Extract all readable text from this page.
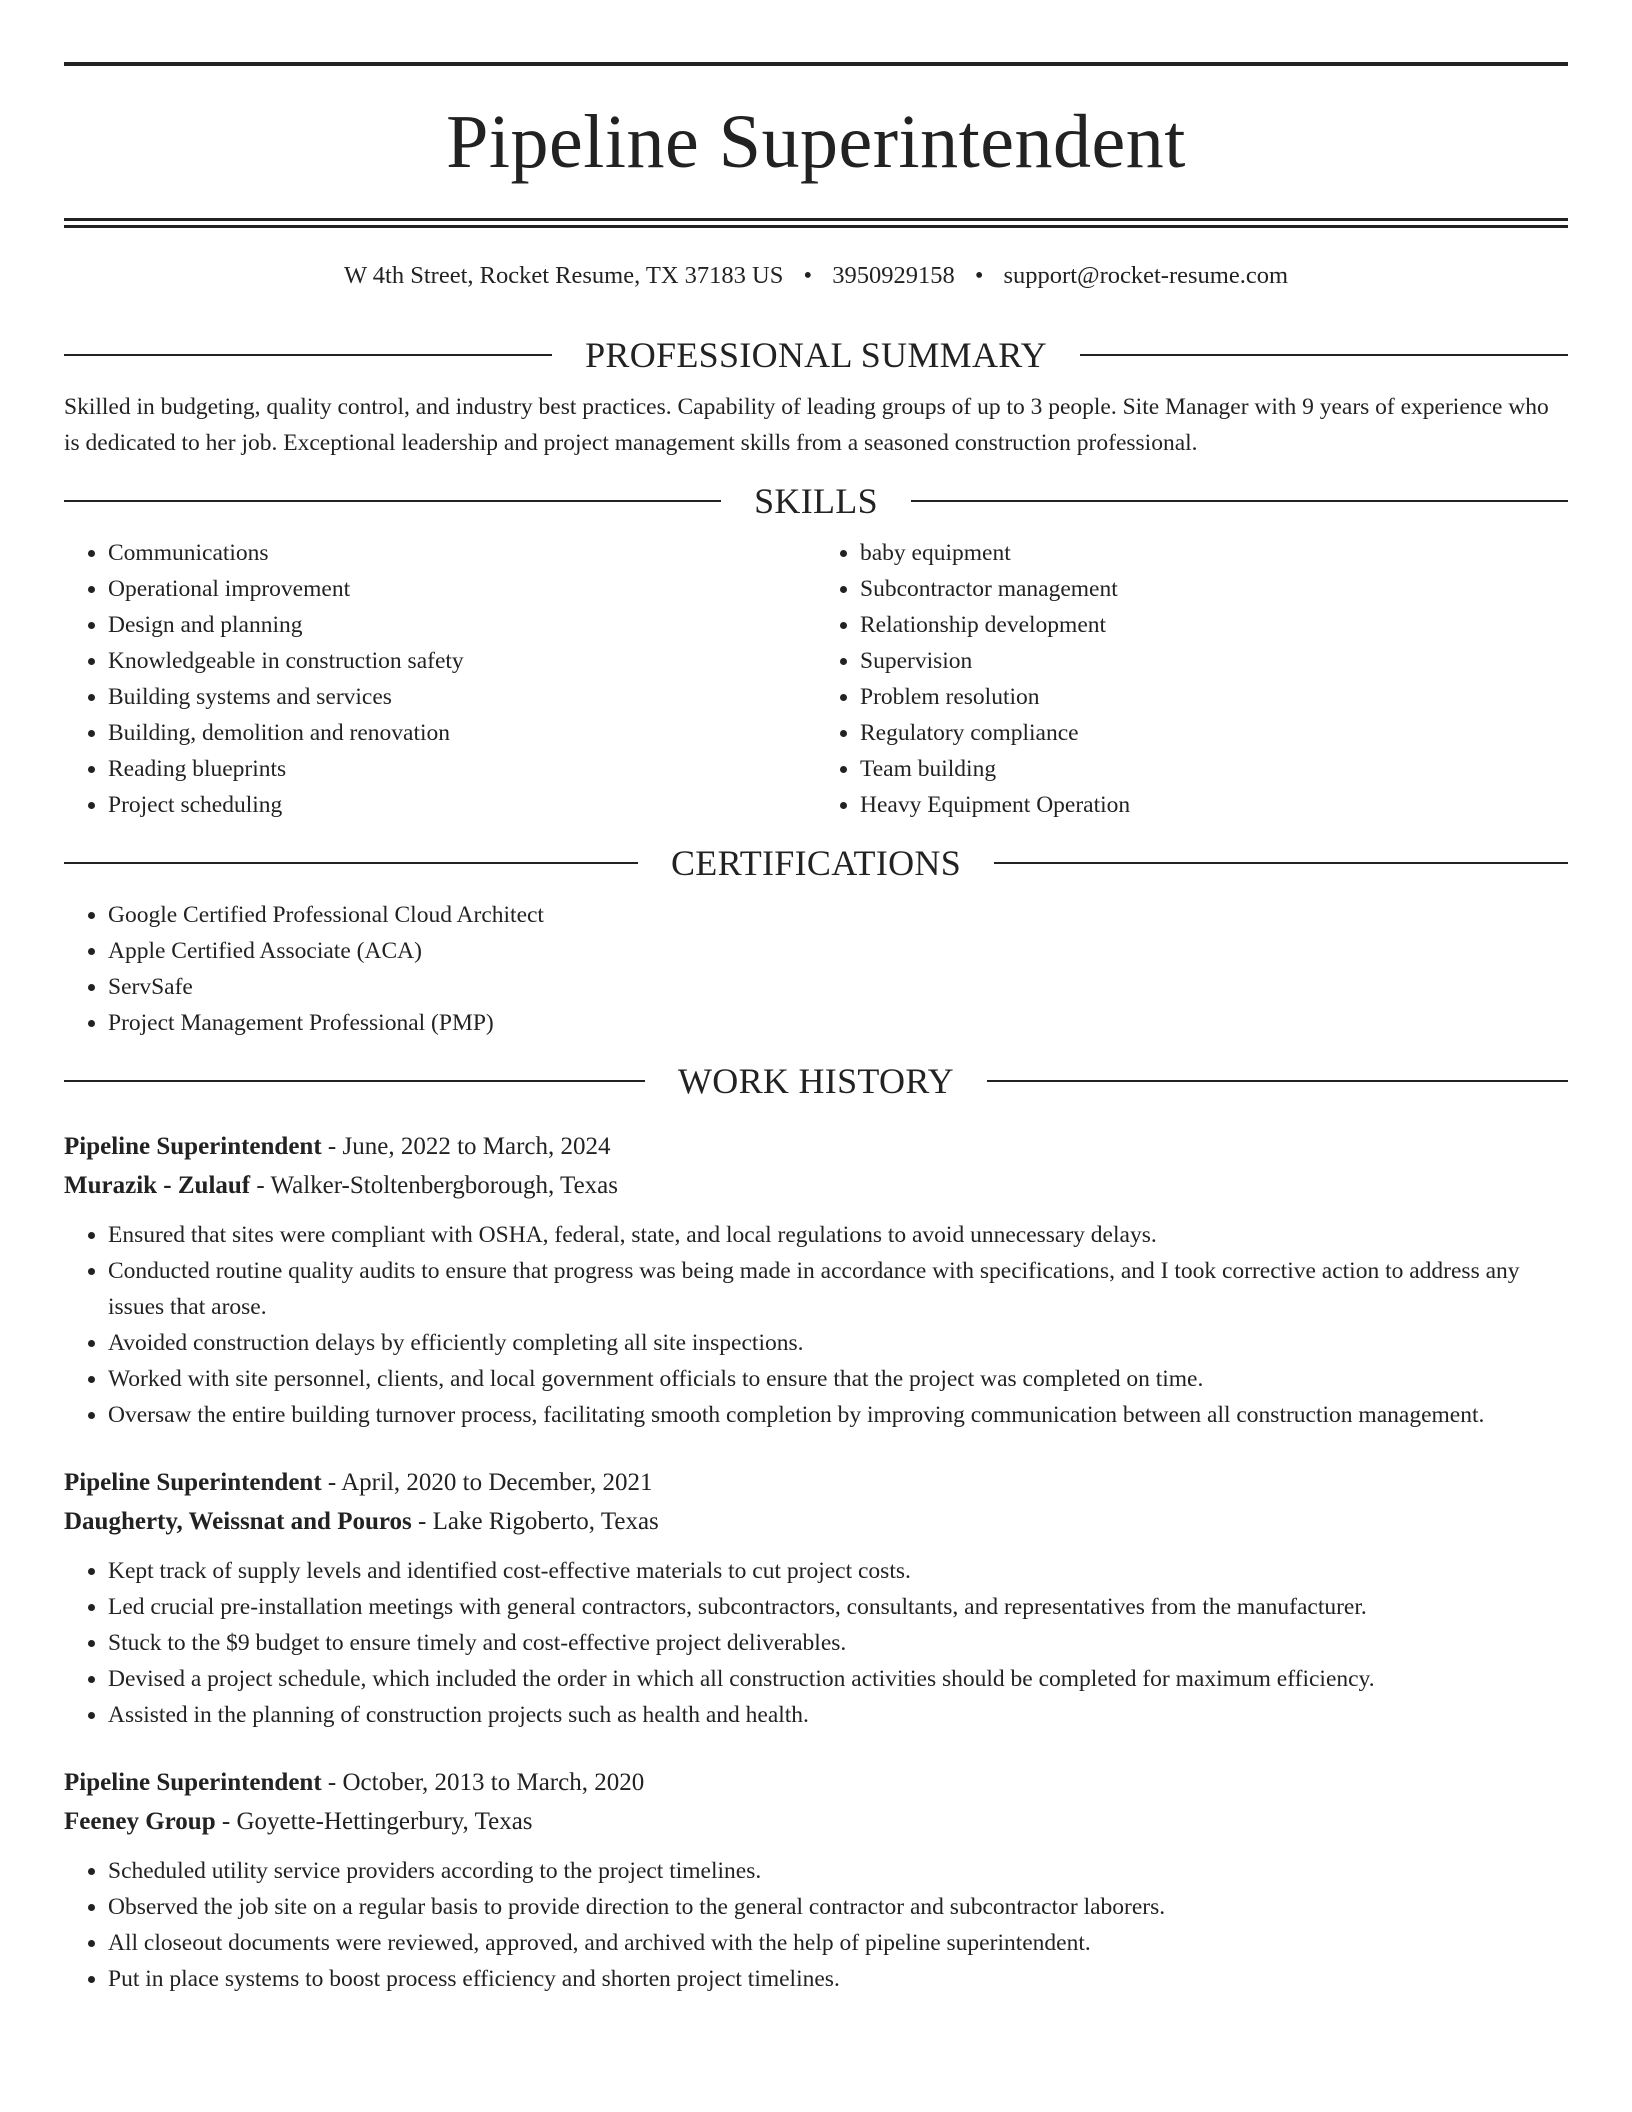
Pipeline Superintendent
W 4th Street, Rocket Resume, TX 37183 US • 3950929158 • support@rocket-resume.com
PROFESSIONAL SUMMARY
Skilled in budgeting, quality control, and industry best practices. Capability of leading groups of up to 3 people. Site Manager with 9 years of experience who is dedicated to her job. Exceptional leadership and project management skills from a seasoned construction professional.
SKILLS
• Communications
• Operational improvement
• Design and planning
• Knowledgeable in construction safety
• Building systems and services
• Building, demolition and renovation
• Reading blueprints
• Project scheduling
• baby equipment
• Subcontractor management
• Relationship development
• Supervision
• Problem resolution
• Regulatory compliance
• Team building
• Heavy Equipment Operation
CERTIFICATIONS
• Google Certified Professional Cloud Architect
• Apple Certified Associate (ACA)
• ServSafe
• Project Management Professional (PMP)
WORK HISTORY
Pipeline Superintendent - June, 2022 to March, 2024
Murazik - Zulauf - Walker-Stoltenbergborough, Texas
• Ensured that sites were compliant with OSHA, federal, state, and local regulations to avoid unnecessary delays.
• Conducted routine quality audits to ensure that progress was being made in accordance with specifications, and I took corrective action to address any issues that arose.
• Avoided construction delays by efficiently completing all site inspections.
• Worked with site personnel, clients, and local government officials to ensure that the project was completed on time.
• Oversaw the entire building turnover process, facilitating smooth completion by improving communication between all construction management.
Pipeline Superintendent - April, 2020 to December, 2021
Daugherty, Weissnat and Pouros - Lake Rigoberto, Texas
• Kept track of supply levels and identified cost-effective materials to cut project costs.
• Led crucial pre-installation meetings with general contractors, subcontractors, consultants, and representatives from the manufacturer.
• Stuck to the $9 budget to ensure timely and cost-effective project deliverables.
• Devised a project schedule, which included the order in which all construction activities should be completed for maximum efficiency.
• Assisted in the planning of construction projects such as health and health.
Pipeline Superintendent - October, 2013 to March, 2020
Feeney Group - Goyette-Hettingerbury, Texas
• Scheduled utility service providers according to the project timelines.
• Observed the job site on a regular basis to provide direction to the general contractor and subcontractor laborers.
• All closeout documents were reviewed, approved, and archived with the help of pipeline superintendent.
• Put in place systems to boost process efficiency and shorten project timelines.
